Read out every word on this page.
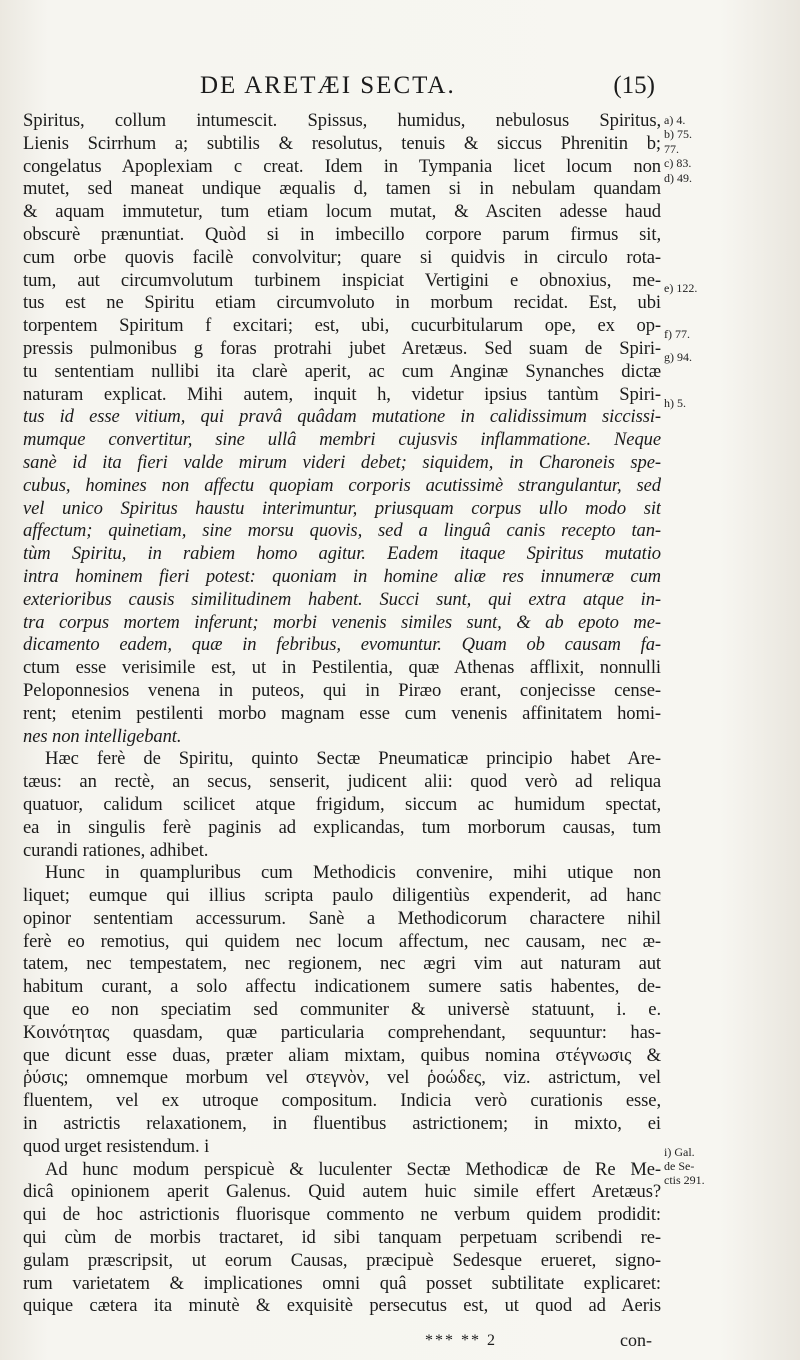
DE ARETÆI SECTA.	(15)
Spiritus, collum intumescit. Spissus, humidus, nebulosus Spiritus,
Lienis Scirrhum a; subtilis & resolutus, tenuis & siccus Phrenitin b;
congelatus Apoplexiam c creat. Idem in Tympania licet locum non
mutet, sed maneat undique æqualis d, tamen si in nebulam quandam
& aquam immutetur, tum etiam locum mutat, & Asciten adesse haud
obscurè prænuntiat. Quòd si in imbecillo corpore parum firmus sit,
cum orbe quovis facilè convolvitur; quare si quidvis in circulo rota-
tum, aut circumvolutum turbinem inspiciat Vertigini e obnoxius, me-
tus est ne Spiritu etiam circumvoluto in morbum recidat. Est, ubi
torpentem Spiritum f excitari; est, ubi, cucurbitularum ope, ex op-
pressis pulmonibus g foras protrahi jubet Aretæus. Sed suam de Spiri-
tu sententiam nullibi ita clarè aperit, ac cum Anginæ Synanches dictæ
naturam explicat. Mihi autem, inquit h, videtur ipsius tantùm Spiri-
tus id esse vitium, qui pravâ quâdam mutatione in calidissimum siccissi-
mumque convertitur, sine ullâ membri cujusvis inflammatione. Neque
sanè id ita fieri valde mirum videri debet; siquidem, in Charoneis spe-
cubus, homines non affectu quopiam corporis acutissimè strangulantur, sed
vel unico Spiritus haustu interimuntur, priusquam corpus ullo modo sit
affectum; quinetiam, sine morsu quovis, sed a linguâ canis recepto tan-
tùm Spiritu, in rabiem homo agitur. Eadem itaque Spiritus mutatio
intra hominem fieri potest: quoniam in homine aliæ res innumeræ cum
exterioribus causis similitudinem habent. Succi sunt, qui extra atque in-
tra corpus mortem inferunt; morbi venenis similes sunt, & ab epoto me-
dicamento eadem, quæ in febribus, evomuntur. Quam ob causam fa-
ctum esse verisimile est, ut in Pestilentia, quæ Athenas afflixit, nonnulli
Peloponnesios venena in puteos, qui in Piræo erant, conjecisse cense-
rent; etenim pestilenti morbo magnam esse cum venenis affinitatem homi-
nes non intelligebant.
Hæc ferè de Spiritu, quinto Sectæ Pneumaticæ principio habet Are-
tæus: an rectè, an secus, senserit, judicent alii: quod verò ad reliqua
quatuor, calidum scilicet atque frigidum, siccum ac humidum spectat,
ea in singulis ferè paginis ad explicandas, tum morborum causas, tum
curandi rationes, adhibet.
Hunc in quampluribus cum Methodicis convenire, mihi utique non
liquet; eumque qui illius scripta paulo diligentiùs expenderit, ad hanc
opinor sententiam accessurum. Sanè a Methodicorum charactere nihil
ferè eo remotius, qui quidem nec locum affectum, nec causam, nec æ-
tatem, nec tempestatem, nec regionem, nec ægri vim aut naturam aut
habitum curant, a solo affectu indicationem sumere satis habentes, de-
que eo non speciatim sed communiter & universè statuunt, i. e.
Κοινότητας quasdam, quæ particularia comprehendant, sequuntur: has-
que dicunt esse duas, præter aliam mixtam, quibus nomina στέγνωσις &
ῥύσις; omnemque morbum vel στεγνὸν, vel ῥοώδες, viz. astrictum, vel
fluentem, vel ex utroque compositum. Indicia verò curationis esse,
in astrictis relaxationem, in fluentibus astrictionem; in mixto, ei
quod urget resistendum. i
Ad hunc modum perspicuè & luculenter Sectæ Methodicæ de Re Me-
dicâ opinionem aperit Galenus. Quid autem huic simile effert Aretæus?
qui de hoc astrictionis fluorisque commento ne verbum quidem prodidit:
qui cùm de morbis tractaret, id sibi tanquam perpetuam scribendi re-
gulam præscripsit, ut eorum Causas, præcipuè Sedesque erueret, signo-
rum varietatem & implicationes omni quâ posset subtilitate explicaret:
quique cætera ita minutè & exquisitè persecutus est, ut quod ad Aeris
a) 4.
b) 75.
77.
c) 83.
d) 49.
e) 122.
f) 77.
g) 94.
h) 5.
i) Gal.
de Se-
ctis 291.
*** ** 2	con-
